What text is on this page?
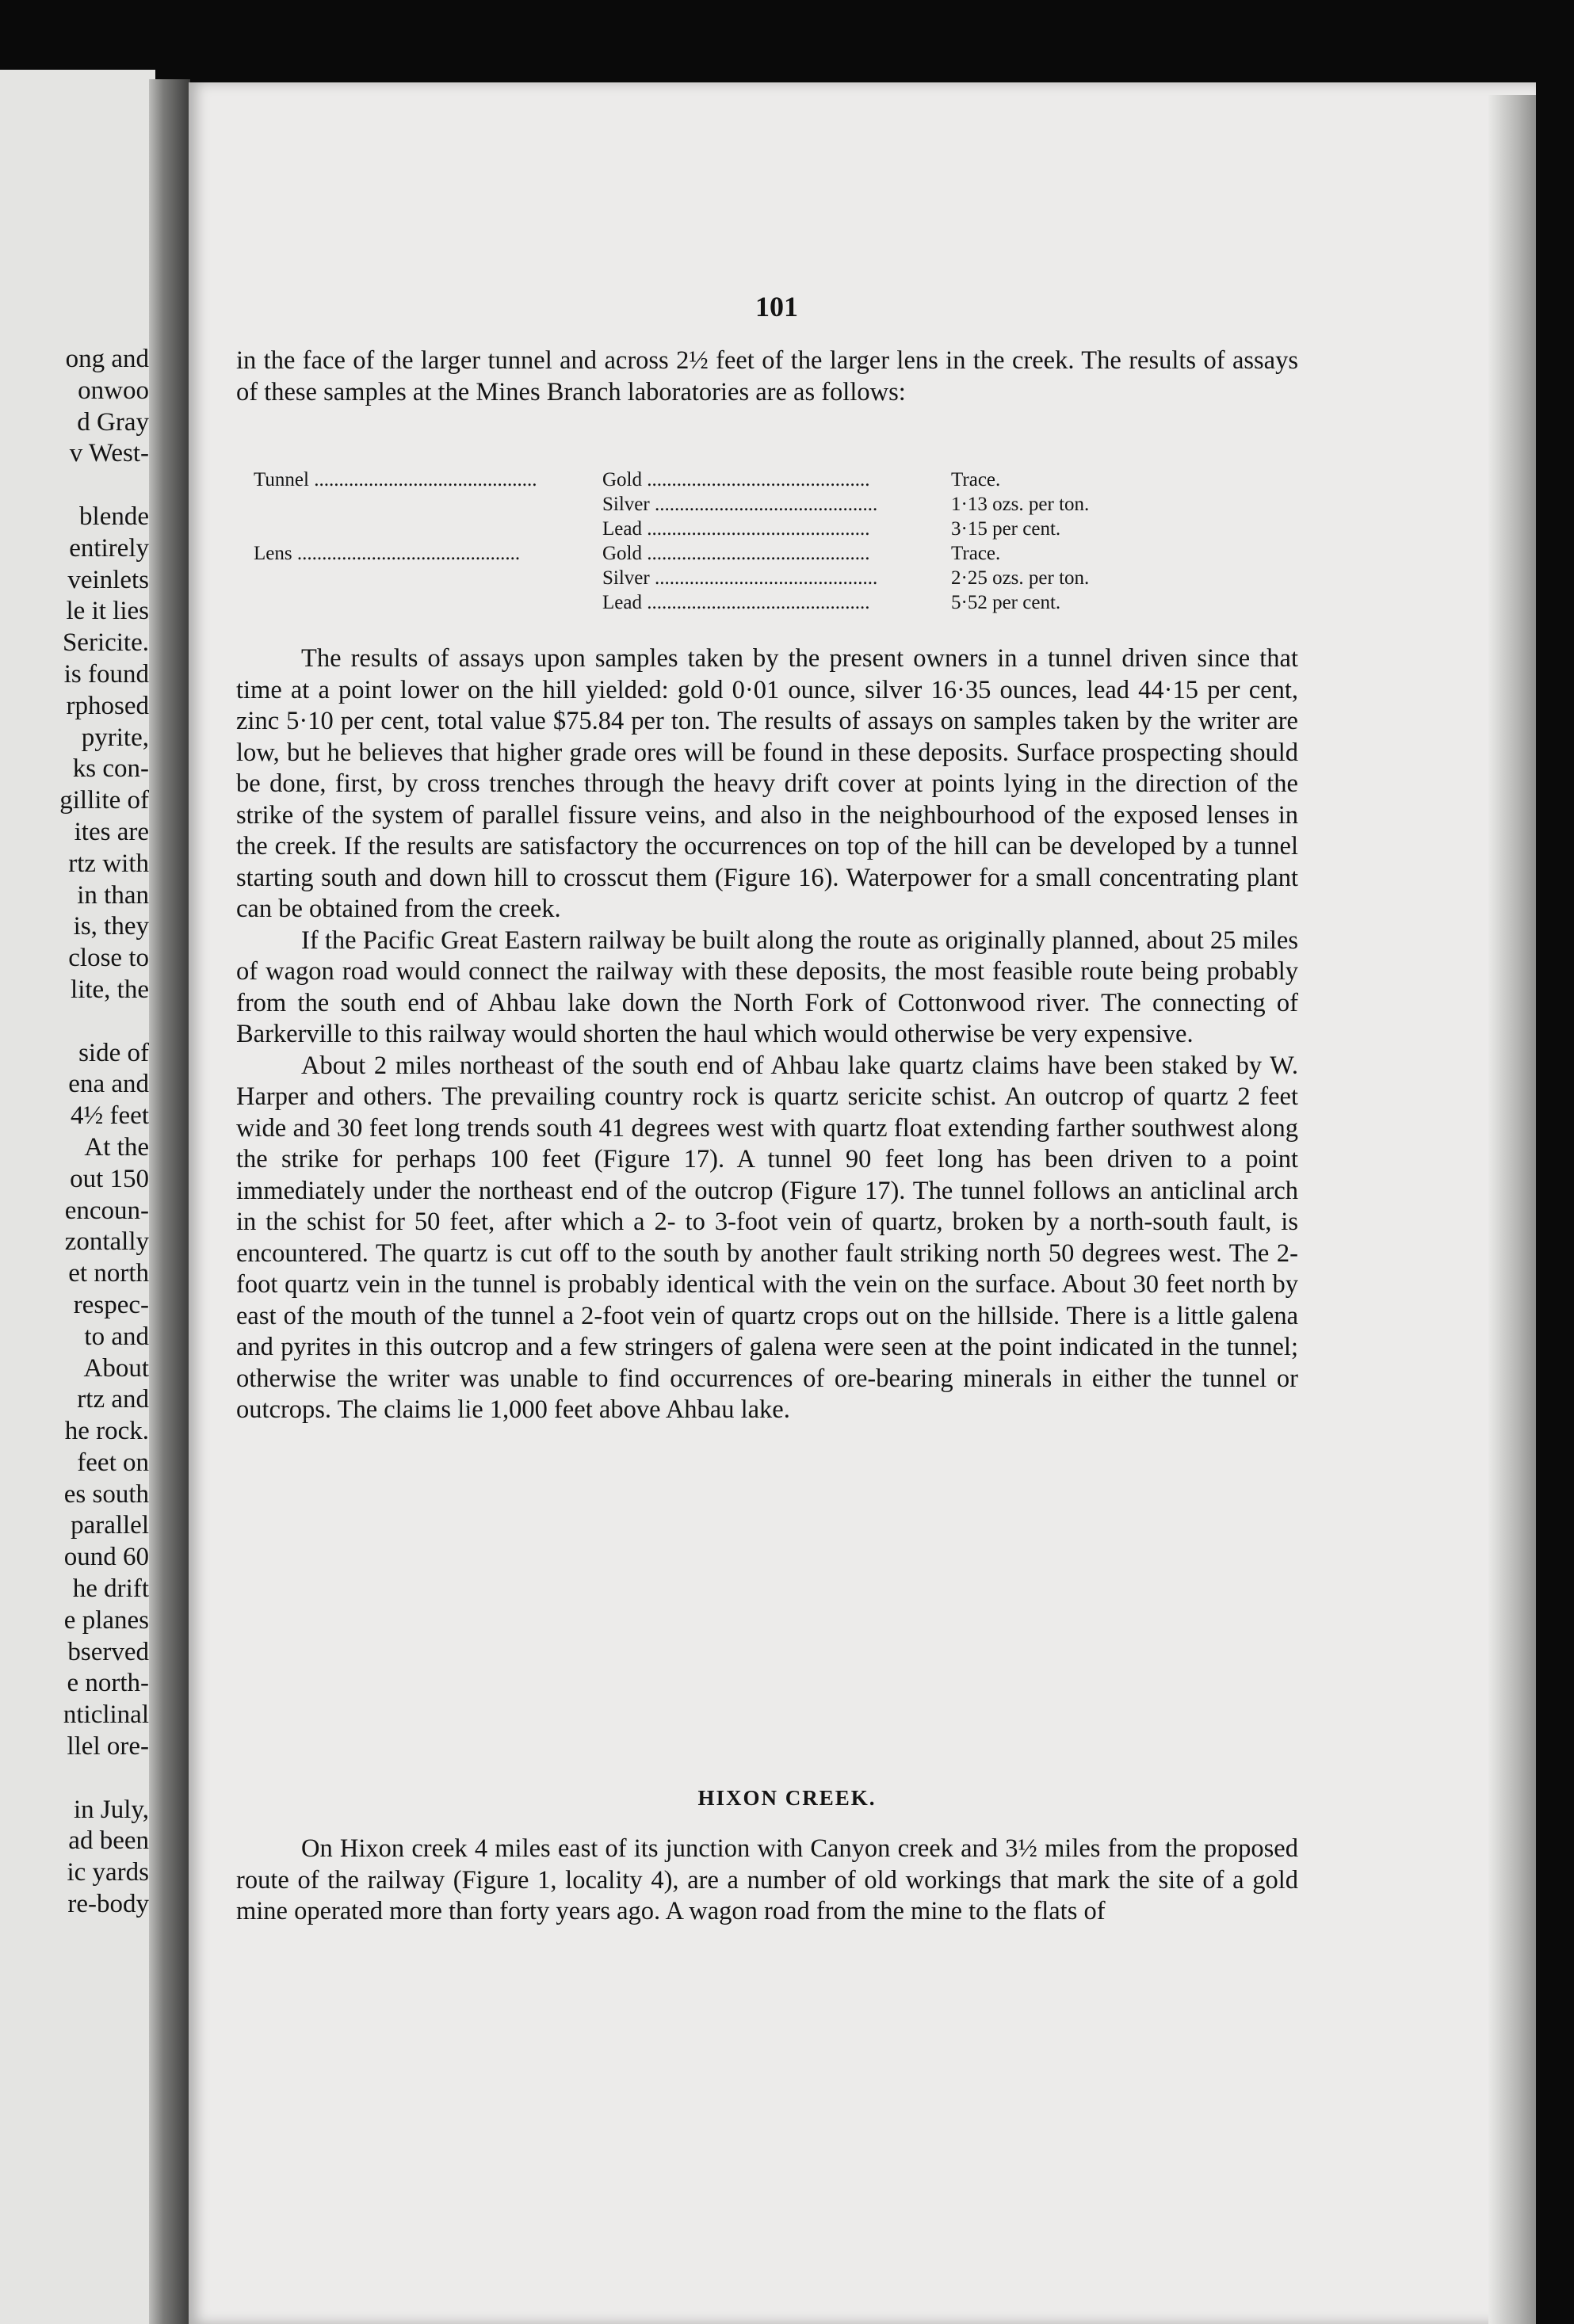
ong and
onwoo
d Gray
v West-

blende
entirely
veinlets
le it lies
Sericite.
is found
rphosed
pyrite,
ks con-
gillite of
ites are
rtz with
in than
is, they
close to
lite, the

side of
ena and
4½ feet
At the
out 150
encoun-
zontally
et north
respec-
to and
About
rtz and
he rock.
feet on
es south
parallel
ound 60
he drift
e planes
bserved
e north-
nticlinal
llel ore-

in July,
ad been
ic yards
re-body
101

in the face of the larger tunnel and across 2½ feet of the larger lens in the creek. The results of assays of these samples at the Mines Branch laboratories are as follows:

Tunnel .............................................	Gold .............................................	Trace.
Silver .............................................	1·13 ozs. per ton.
Lead .............................................	3·15 per cent.
Lens .............................................	Gold .............................................	Trace.
Silver .............................................	2·25 ozs. per ton.
Lead .............................................	5·52 per cent.

The results of assays upon samples taken by the present owners in a tunnel driven since that time at a point lower on the hill yielded: gold 0·01 ounce, silver 16·35 ounces, lead 44·15 per cent, zinc 5·10 per cent, total value $75.84 per ton. The results of assays on samples taken by the writer are low, but he believes that higher grade ores will be found in these deposits. Surface prospecting should be done, first, by cross trenches through the heavy drift cover at points lying in the direction of the strike of the system of parallel fissure veins, and also in the neighbourhood of the exposed lenses in the creek. If the results are satisfactory the occurrences on top of the hill can be developed by a tunnel starting south and down hill to crosscut them (Figure 16). Waterpower for a small concentrating plant can be obtained from the creek.

If the Pacific Great Eastern railway be built along the route as originally planned, about 25 miles of wagon road would connect the railway with these deposits, the most feasible route being probably from the south end of Ahbau lake down the North Fork of Cottonwood river. The connecting of Barkerville to this railway would shorten the haul which would otherwise be very expensive.

About 2 miles northeast of the south end of Ahbau lake quartz claims have been staked by W. Harper and others. The prevailing country rock is quartz sericite schist. An outcrop of quartz 2 feet wide and 30 feet long trends south 41 degrees west with quartz float extending farther southwest along the strike for perhaps 100 feet (Figure 17). A tunnel 90 feet long has been driven to a point immediately under the northeast end of the outcrop (Figure 17). The tunnel follows an anticlinal arch in the schist for 50 feet, after which a 2- to 3-foot vein of quartz, broken by a north-south fault, is encountered. The quartz is cut off to the south by another fault striking north 50 degrees west. The 2-foot quartz vein in the tunnel is probably identical with the vein on the surface. About 30 feet north by east of the mouth of the tunnel a 2-foot vein of quartz crops out on the hillside. There is a little galena and pyrites in this outcrop and a few stringers of galena were seen at the point indicated in the tunnel; otherwise the writer was unable to find occurrences of ore-bearing minerals in either the tunnel or outcrops. The claims lie 1,000 feet above Ahbau lake.

HIXON CREEK.

On Hixon creek 4 miles east of its junction with Canyon creek and 3½ miles from the proposed route of the railway (Figure 1, locality 4), are a number of old workings that mark the site of a gold mine operated more than forty years ago. A wagon road from the mine to the flats of
